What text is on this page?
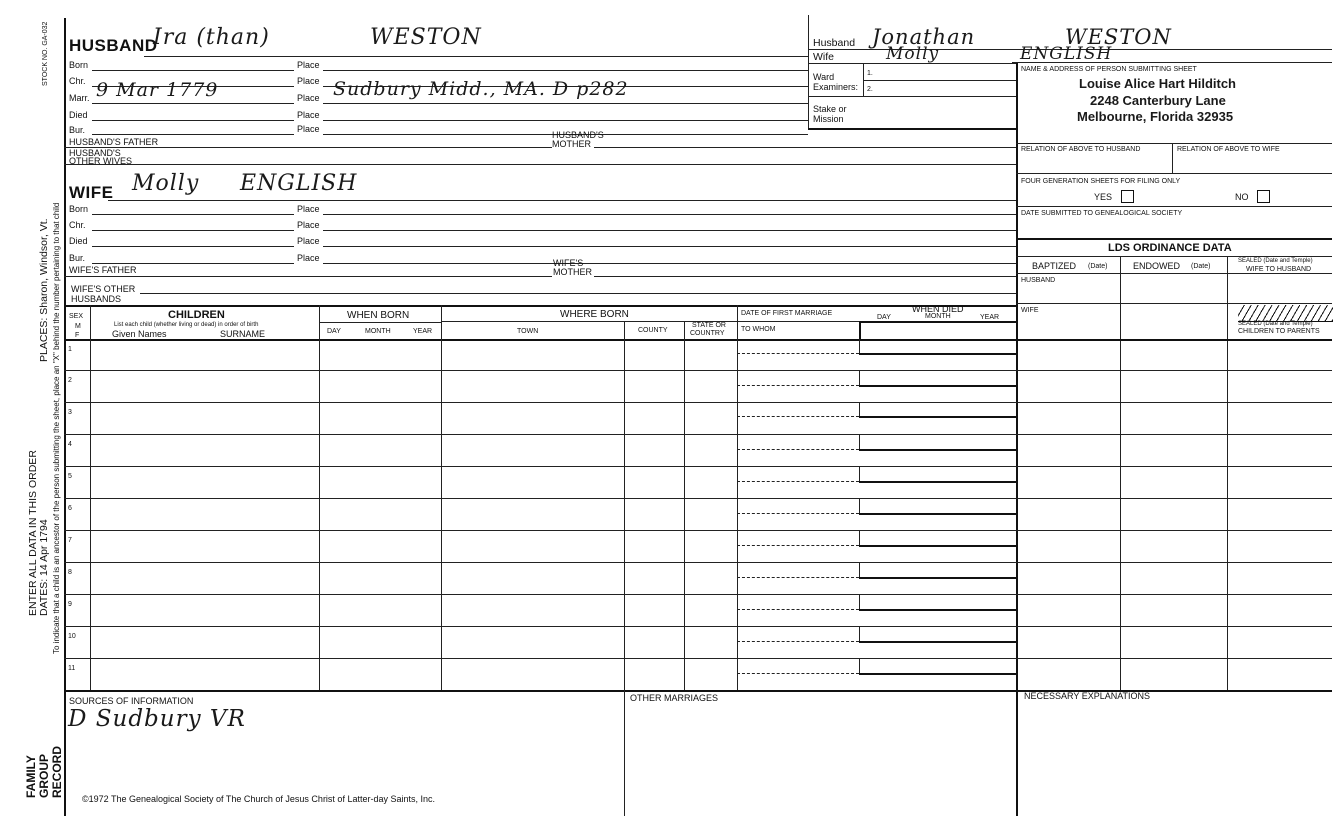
STOCK NO. GA-032
PLACES: Sharon, Windsor, Vt.
ENTER ALL DATA IN THIS ORDER DATES: 14 Apr 1794 To indicate that a child is an ancestor of the person submitting the sheet, place an "X" behind the number pertaining to that child
FAMILY GROUP RECORD
HUSBAND
Ira (than)	WESTON
Born	Place
Chr.	Place
Marr. 9 Mar 1779	Place Sudbury Midd., MA. D p282
Died	Place
Bur.	Place
HUSBAND'S FATHER
HUSBAND'S
MOTHER
HUSBAND'S
OTHER WIVES
WIFE Molly ENGLISH
Born	Place
Chr.	Place
Died	Place
Bur.	Place
WIFE'S FATHER
WIFE'S
MOTHER
WIFE'S OTHER
HUSBANDS
Husband Jonathan	WESTON
Wife	Molly	ENGLISH
Ward
Examiners:
1.
2.
Stake or
Mission
NAME & ADDRESS OF PERSON SUBMITTING SHEET
Louise Alice Hart Hilditch
2248 Canterbury Lane
Melbourne, Florida 32935
RELATION OF ABOVE TO HUSBAND	RELATION OF ABOVE TO WIFE
FOUR GENERATION SHEETS FOR FILING ONLY
YES	NO
DATE SUBMITTED TO GENEALOGICAL SOCIETY
LDS ORDINANCE DATA
BAPTIZED (Date)	ENDOWED (Date)
SEALED (Date and Temple)
WIFE TO HUSBAND
HUSBAND
WIFE
SEALED (Date and Temple)
CHILDREN TO PARENTS
SEX
M
F
CHILDREN
List each child (whether living or dead) in order of birth
Given Names	SURNAME
WHEN BORN
DAY	MONTH	YEAR
WHERE BORN
TOWN	COUNTY
STATE OR
COUNTRY
DATE OF FIRST MARRIAGE
TO WHOM
WHEN DIED
DAY	MONTH	YEAR
1
2
3
4
5
6
7
8
9
10
11
SOURCES OF INFORMATION
D Sudbury VR
OTHER MARRIAGES	NECESSARY EXPLANATIONS
©1972 The Genealogical Society of The Church of Jesus Christ of Latter-day Saints, Inc.
